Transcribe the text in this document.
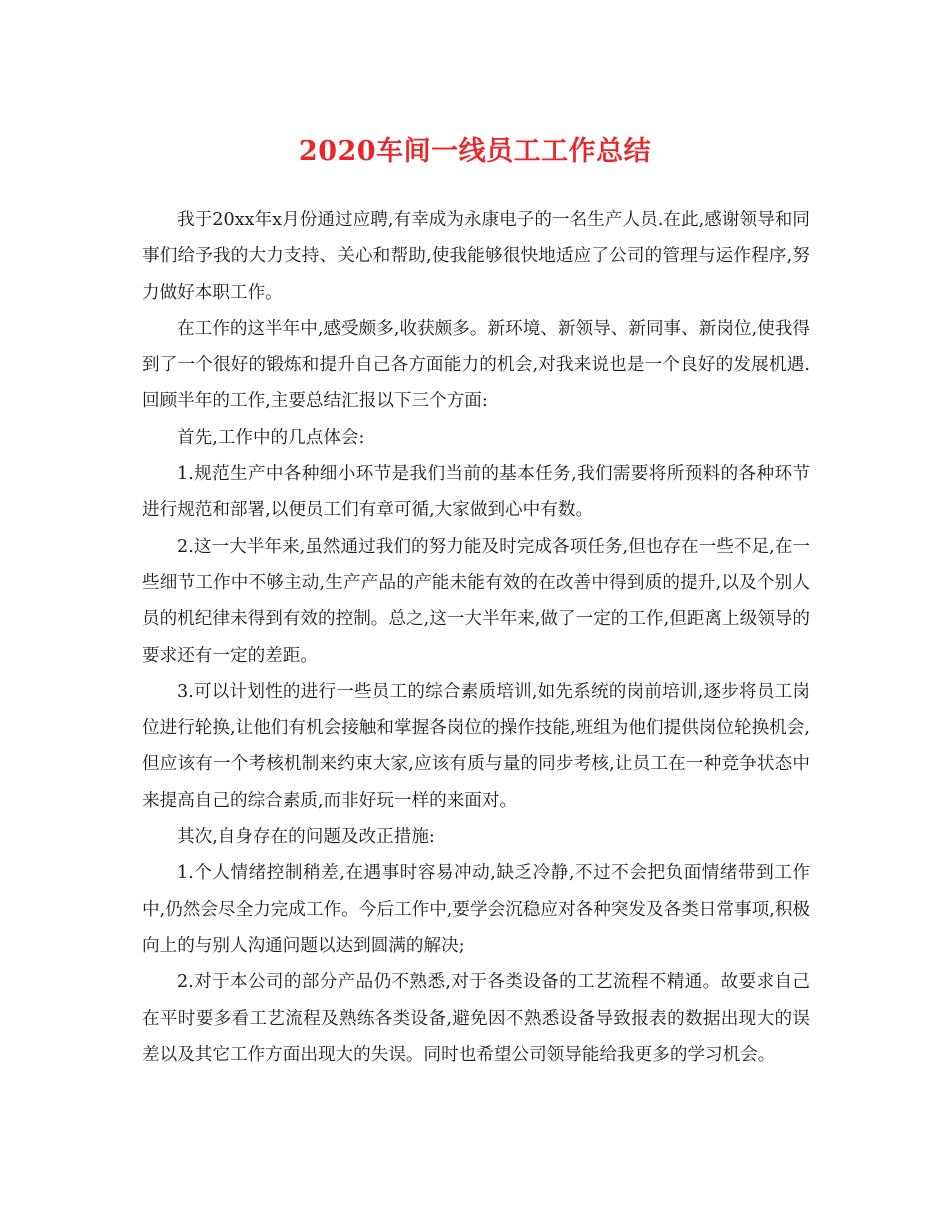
2020车间一线员工工作总结

我于20xx年x月份通过应聘,有幸成为永康电子的一名生产人员.在此,感谢领导和同事们给予我的大力支持、关心和帮助,使我能够很快地适应了公司的管理与运作程序,努力做好本职工作。

在工作的这半年中,感受颇多,收获颇多。新环境、新领导、新同事、新岗位,使我得到了一个很好的锻炼和提升自己各方面能力的机会,对我来说也是一个良好的发展机遇.回顾半年的工作,主要总结汇报以下三个方面:

首先,工作中的几点体会:

1.规范生产中各种细小环节是我们当前的基本任务,我们需要将所预料的各种环节进行规范和部署,以便员工们有章可循,大家做到心中有数。

2.这一大半年来,虽然通过我们的努力能及时完成各项任务,但也存在一些不足,在一些细节工作中不够主动,生产产品的产能未能有效的在改善中得到质的提升,以及个别人员的机纪律未得到有效的控制。总之,这一大半年来,做了一定的工作,但距离上级领导的要求还有一定的差距。

3.可以计划性的进行一些员工的综合素质培训,如先系统的岗前培训,逐步将员工岗位进行轮换,让他们有机会接触和掌握各岗位的操作技能,班组为他们提供岗位轮换机会,但应该有一个考核机制来约束大家,应该有质与量的同步考核,让员工在一种竞争状态中来提高自己的综合素质,而非好玩一样的来面对。

其次,自身存在的问题及改正措施:

1.个人情绪控制稍差,在遇事时容易冲动,缺乏冷静,不过不会把负面情绪带到工作中,仍然会尽全力完成工作。今后工作中,要学会沉稳应对各种突发及各类日常事项,积极向上的与别人沟通问题以达到圆满的解决;

2.对于本公司的部分产品仍不熟悉,对于各类设备的工艺流程不精通。故要求自己在平时要多看工艺流程及熟练各类设备,避免因不熟悉设备导致报表的数据出现大的误差以及其它工作方面出现大的失误。同时也希望公司领导能给我更多的学习机会。
